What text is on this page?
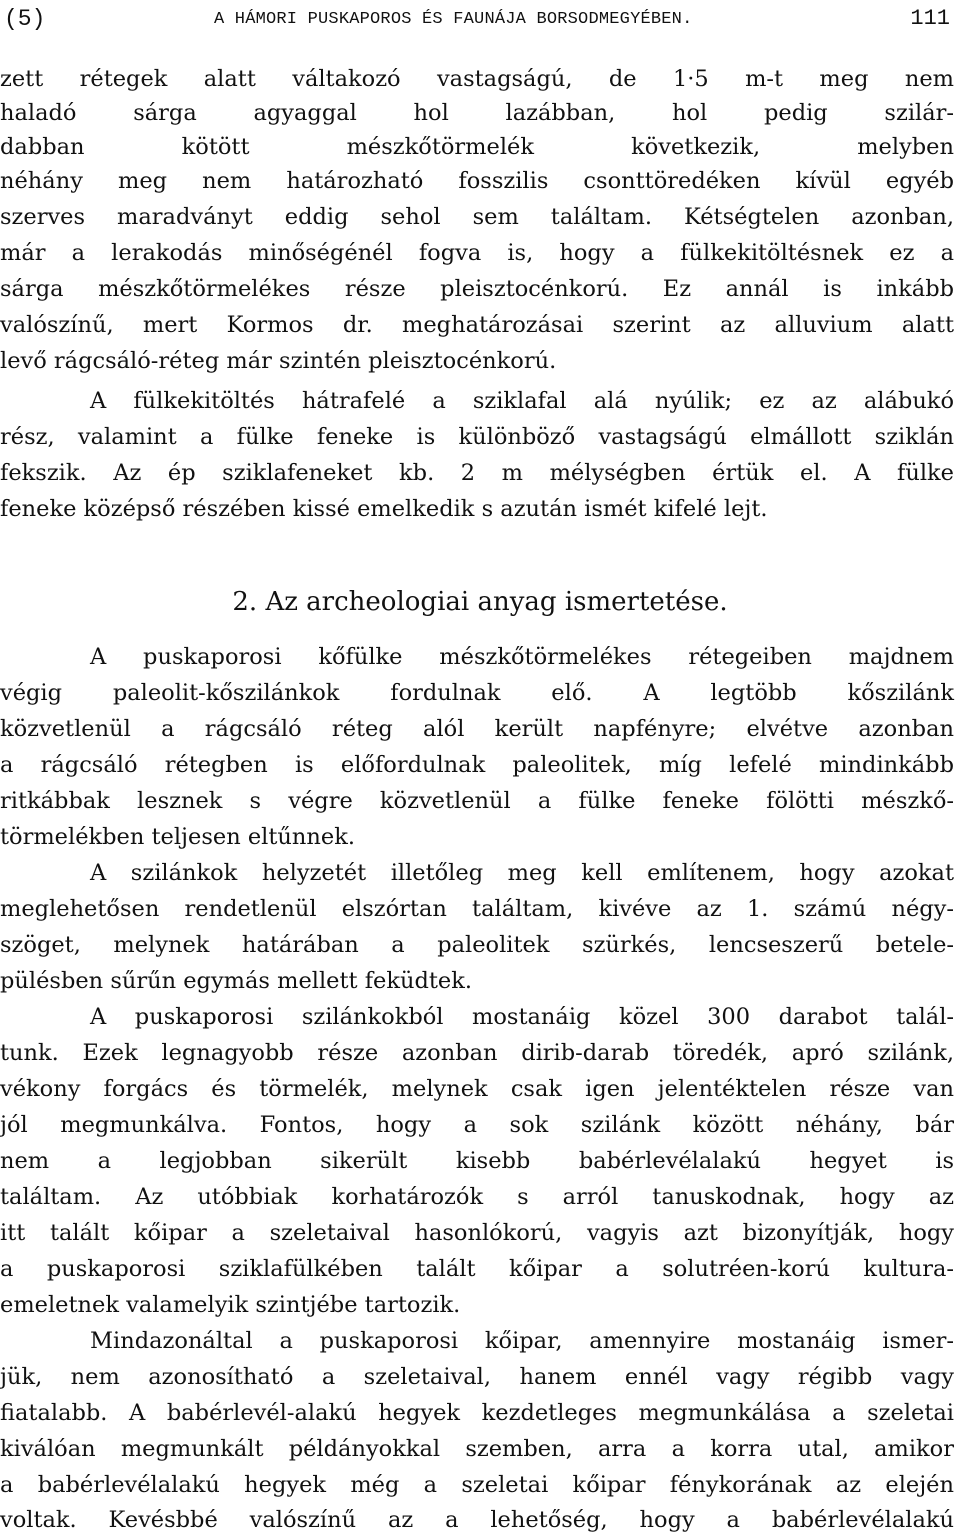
(5)	A HÁMORI PUSKAPOROS ÉS FAUNÁJA BORSODMEGYÉBEN.	111
zett rétegek alatt váltakozó vastagságú, de 1·5 m-t meg nem
haladó sárga agyaggal hol lazábban, hol pedig szilár-
dabban kötött mészkőtörmelék következik, melyben
néhány meg nem határozható fosszilis csonttöredéken kívül egyéb
szerves maradványt eddig sehol sem találtam. Kétségtelen azonban,
már a lerakodás minőségénél fogva is, hogy a fülkekitöltésnek ez a
sárga mészkőtörmelékes része pleisztocénkorú. Ez annál is inkább
valószínű, mert Kormos dr. meghatározásai szerint az alluvium alatt
levő rágcsáló-réteg már szintén pleisztocénkorú.
A fülkekitöltés hátrafelé a sziklafal alá nyúlik; ez az alábukó
rész, valamint a fülke feneke is különböző vastagságú elmállott sziklán
fekszik. Az ép sziklafeneket kb. 2 m mélységben értük el. A fülke
feneke középső részében kissé emelkedik s azután ismét kifelé lejt.
2. Az archeologiai anyag ismertetése.
A puskaporosi kőfülke mészkőtörmelékes rétegeiben majdnem
végig paleolit-kőszilánkok fordulnak elő. A legtöbb kőszilánk
közvetlenül a rágcsáló réteg alól került napfényre; elvétve azonban
a rágcsáló rétegben is előfordulnak paleolitek, míg lefelé mindinkább
ritkábbak lesznek s végre közvetlenül a fülke fenekе fölötti mészkő-
törmelékben teljesen eltűnnek.
A szilánkok helyzetét illetőleg meg kell említenem, hogy azokat
meglehetősen rendetlenül elszórtan találtam, kivéve az 1. számú négy-
szöget, melynek határában a paleolitek szürkés, lencseszerű betele-
pülésben sűrűn egymás mellett feküdtek.
A puskaporosi szilánkokból mostanáig közel 300 darabot talál-
tunk. Ezek legnagyobb része azonban dirib-darab töredék, apró szilánk,
vékony forgács és törmelék, melynek csak igen jelentéktelen része van
jól megmunkálva. Fontos, hogy a sok szilánk között néhány, bár
nem a legjobban sikerült kisebb babérlevélalakú hegyet is
találtam. Az utóbbiak korhatározók s arról tanuskodnak, hogy az
itt talált kőipar a szeletaival hasonlókorú, vagyis azt bizonyítják, hogy
a puskaporosi sziklafülkében talált kőipar a solutréen-korú kultura-
emeletnek valamelyik szintjébe tartozik.
Mindazonáltal a puskaporosi kőipar, amennyire mostanáig ismer-
jük, nem azonosítható a szeletaival, hanem ennél vagy régibb vagy
fiatalabb. A babérlevél-alakú hegyek kezdetleges megmunkálása a szeletai
kiválóan megmunkált példányokkal szemben, arra a korra utal, amikor
a babérlevélalakú hegyek még a szeletai kőipar fénykorának az elején
voltak. Kevésbbé valószínű az a lehetőség, hogy a babérlevélalakú
